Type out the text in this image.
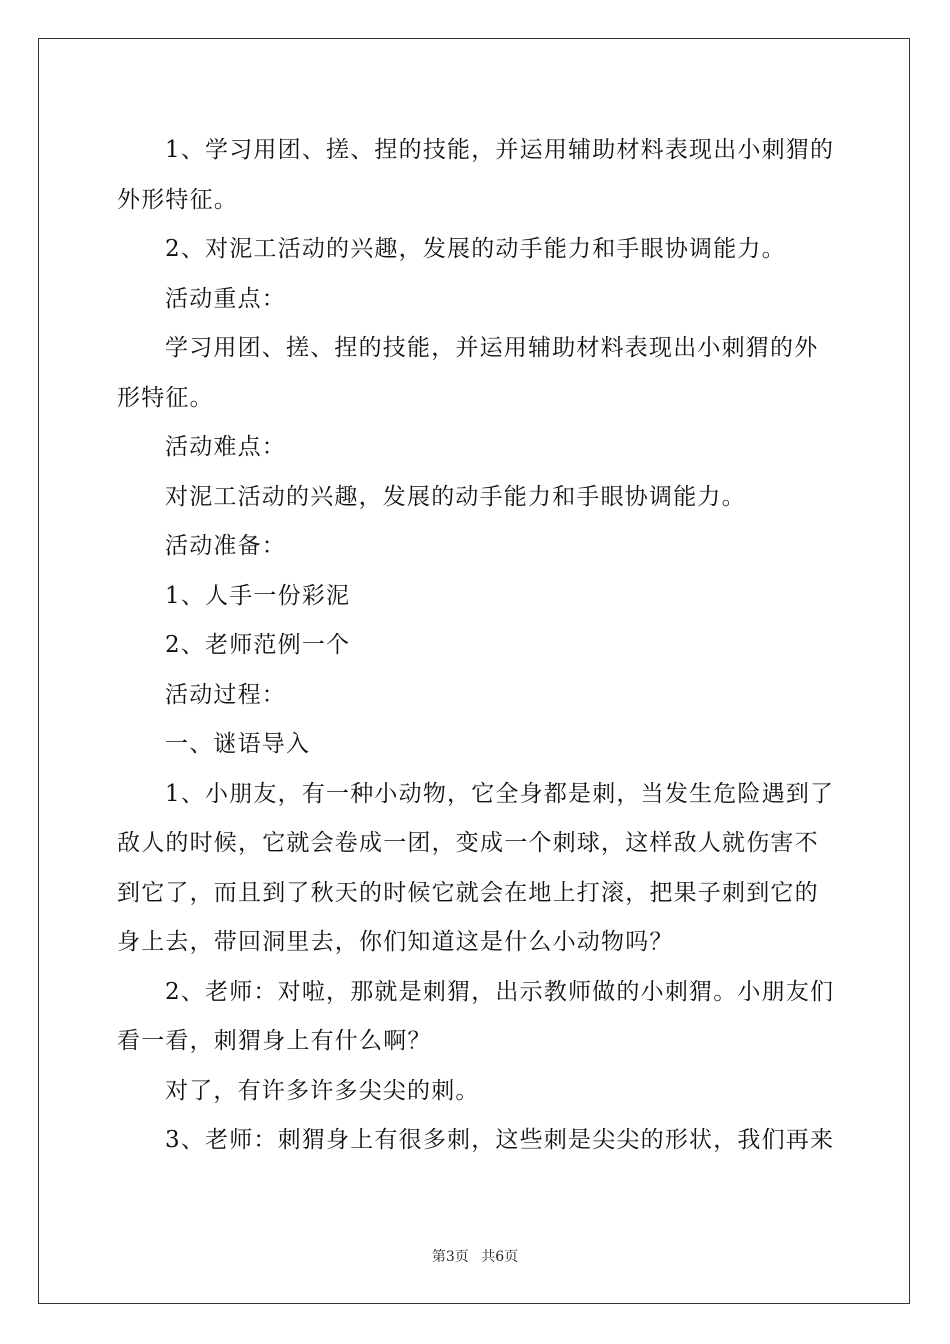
1、学习用团、搓、捏的技能，并运用辅助材料表现出小刺猬的外形特征。

2、对泥工活动的兴趣，发展的动手能力和手眼协调能力。

活动重点：

学习用团、搓、捏的技能，并运用辅助材料表现出小刺猬的外形特征。

活动难点：

对泥工活动的兴趣，发展的动手能力和手眼协调能力。

活动准备：

1、人手一份彩泥

2、老师范例一个

活动过程：

一、谜语导入

1、小朋友，有一种小动物，它全身都是刺，当发生危险遇到了敌人的时候，它就会卷成一团，变成一个刺球，这样敌人就伤害不到它了，而且到了秋天的时候它就会在地上打滚，把果子刺到它的身上去，带回洞里去，你们知道这是什么小动物吗？

2、老师：对啦，那就是刺猬，出示教师做的小刺猬。小朋友们看一看，刺猬身上有什么啊？

对了，有许多许多尖尖的刺。

3、老师：刺猬身上有很多刺，这些刺是尖尖的形状，我们再来

第3页 共6页
